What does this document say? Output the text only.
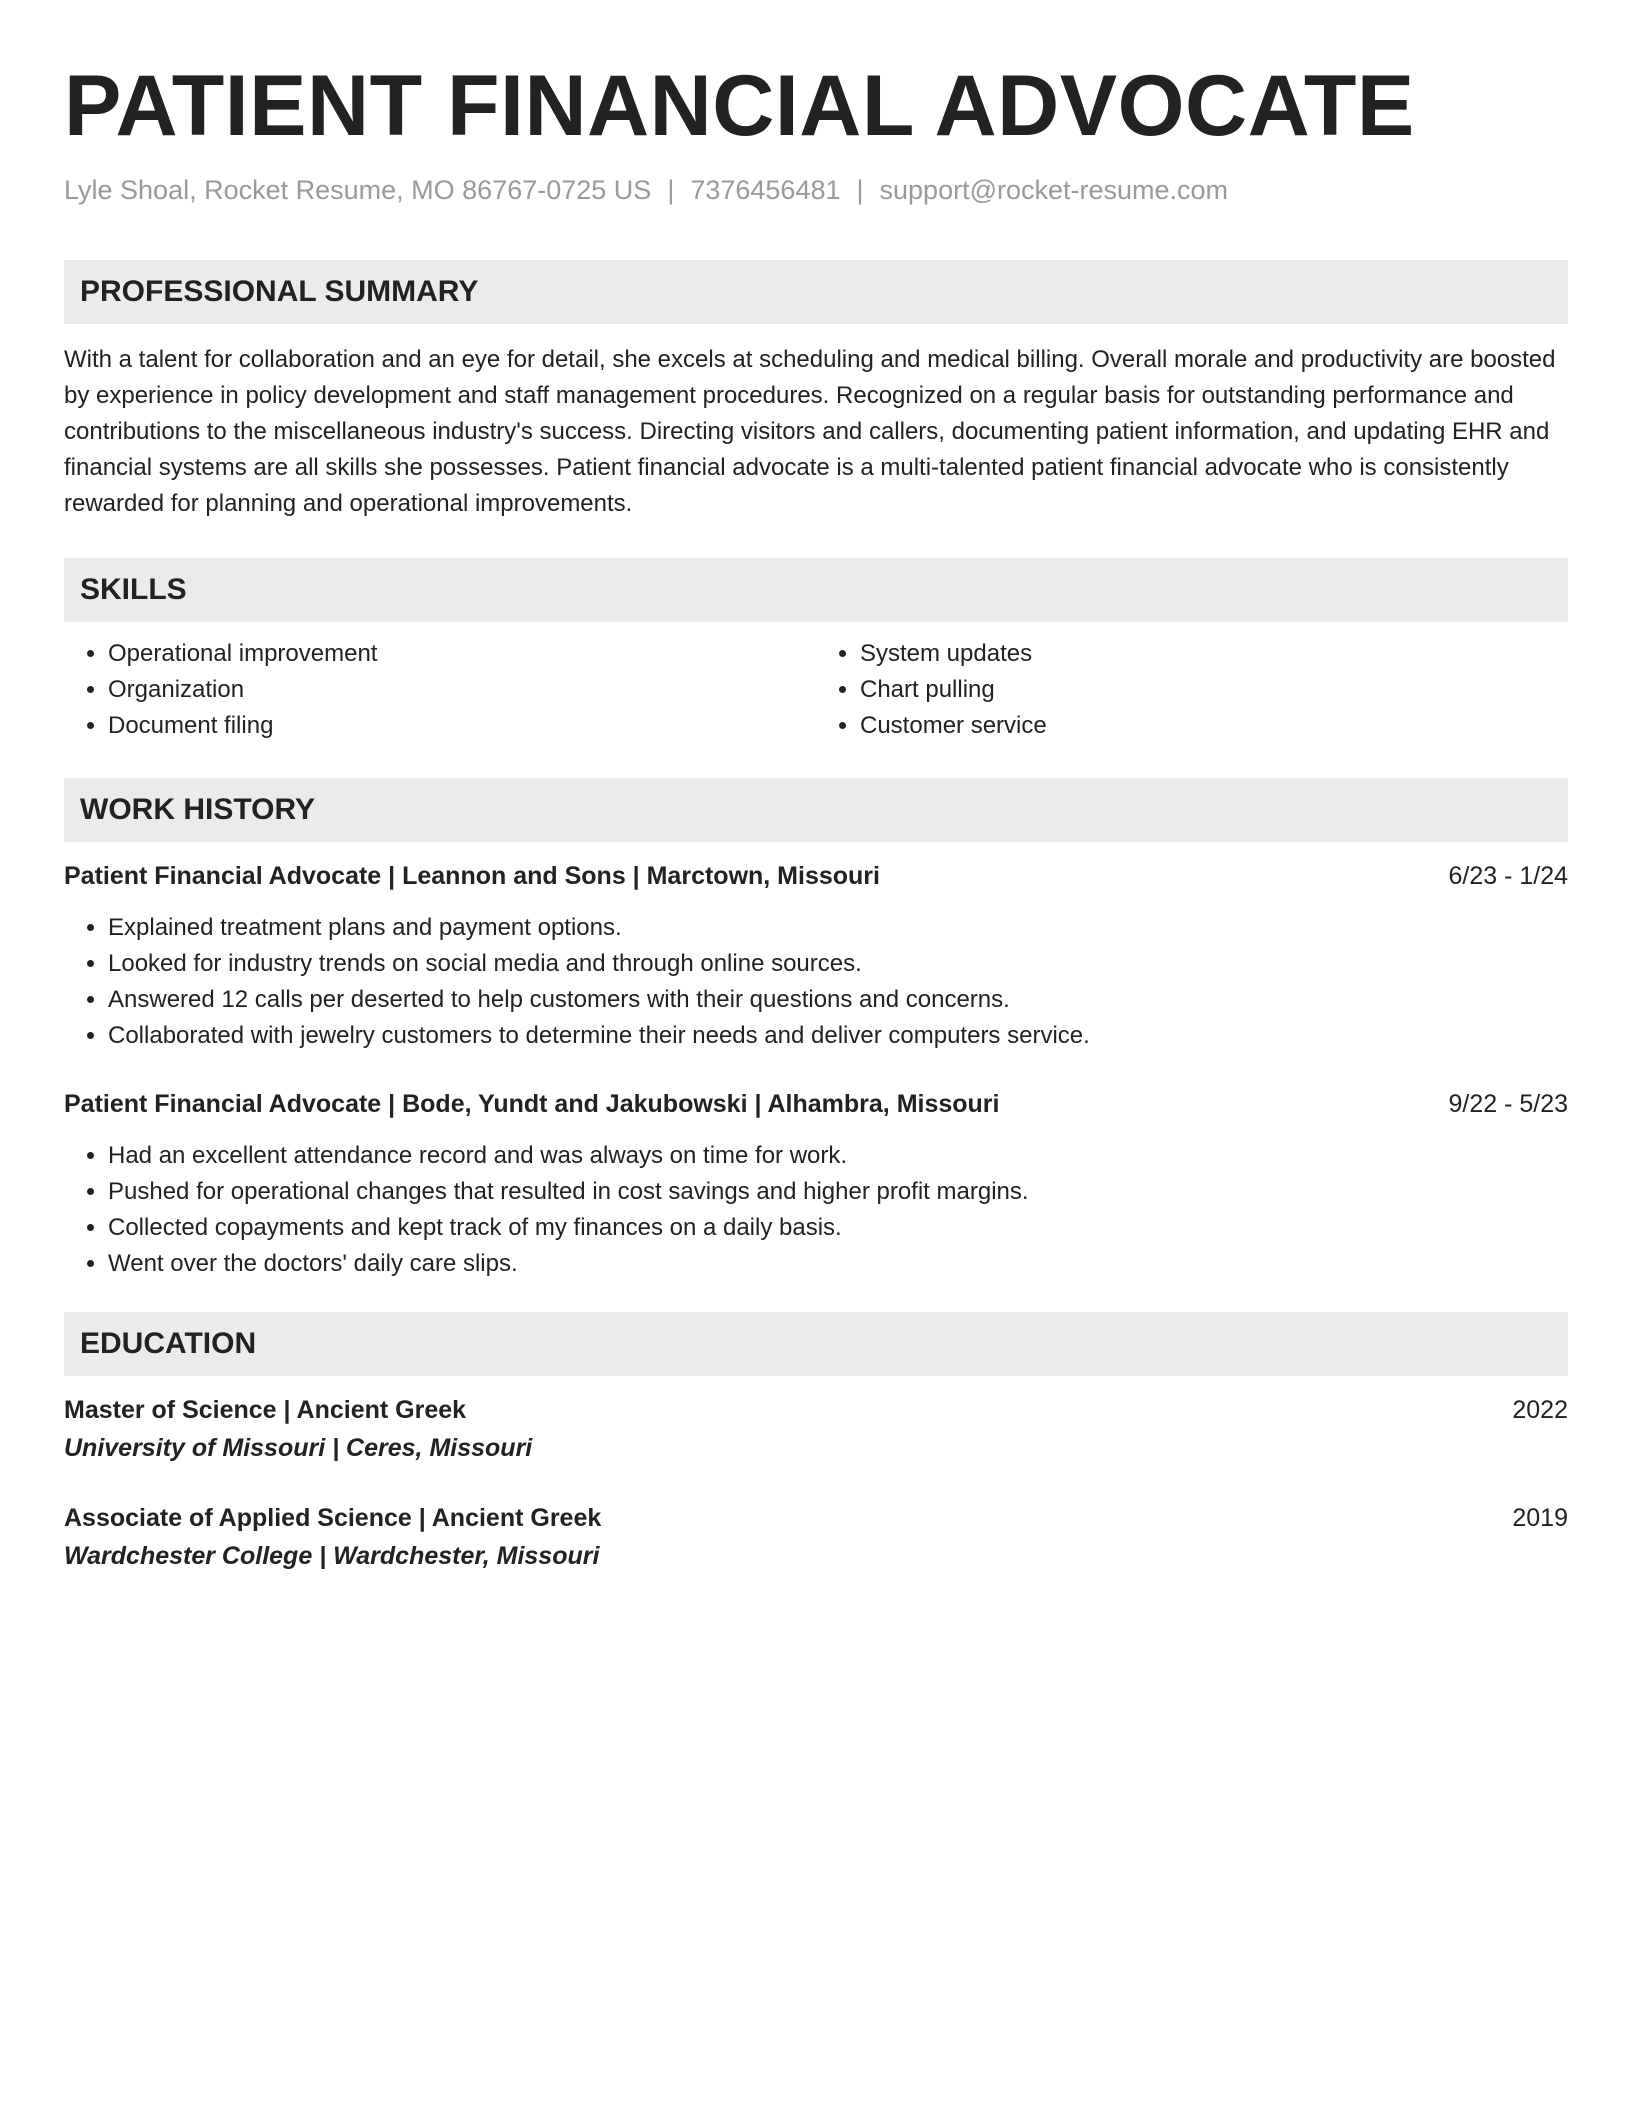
PATIENT FINANCIAL ADVOCATE
Lyle Shoal, Rocket Resume, MO 86767-0725 US | 7376456481 | support@rocket-resume.com
PROFESSIONAL SUMMARY

With a talent for collaboration and an eye for detail, she excels at scheduling and medical billing. Overall morale and productivity are boosted by experience in policy development and staff management procedures. Recognized on a regular basis for outstanding performance and contributions to the miscellaneous industry's success. Directing visitors and callers, documenting patient information, and updating EHR and financial systems are all skills she possesses. Patient financial advocate is a multi-talented patient financial advocate who is consistently rewarded for planning and operational improvements.

SKILLS
• Operational improvement
• Organization
• Document filing
• System updates
• Chart pulling
• Customer service
WORK HISTORY
Patient Financial Advocate | Leannon and Sons | Marctown, Missouri	6/23 - 1/24
• Explained treatment plans and payment options.
• Looked for industry trends on social media and through online sources.
• Answered 12 calls per deserted to help customers with their questions and concerns.
• Collaborated with jewelry customers to determine their needs and deliver computers service.
Patient Financial Advocate | Bode, Yundt and Jakubowski | Alhambra, Missouri	9/22 - 5/23
• Had an excellent attendance record and was always on time for work.
• Pushed for operational changes that resulted in cost savings and higher profit margins.
• Collected copayments and kept track of my finances on a daily basis.
• Went over the doctors' daily care slips.
EDUCATION
Master of Science | Ancient Greek	2022
University of Missouri | Ceres, Missouri
Associate of Applied Science | Ancient Greek	2019
Wardchester College | Wardchester, Missouri
